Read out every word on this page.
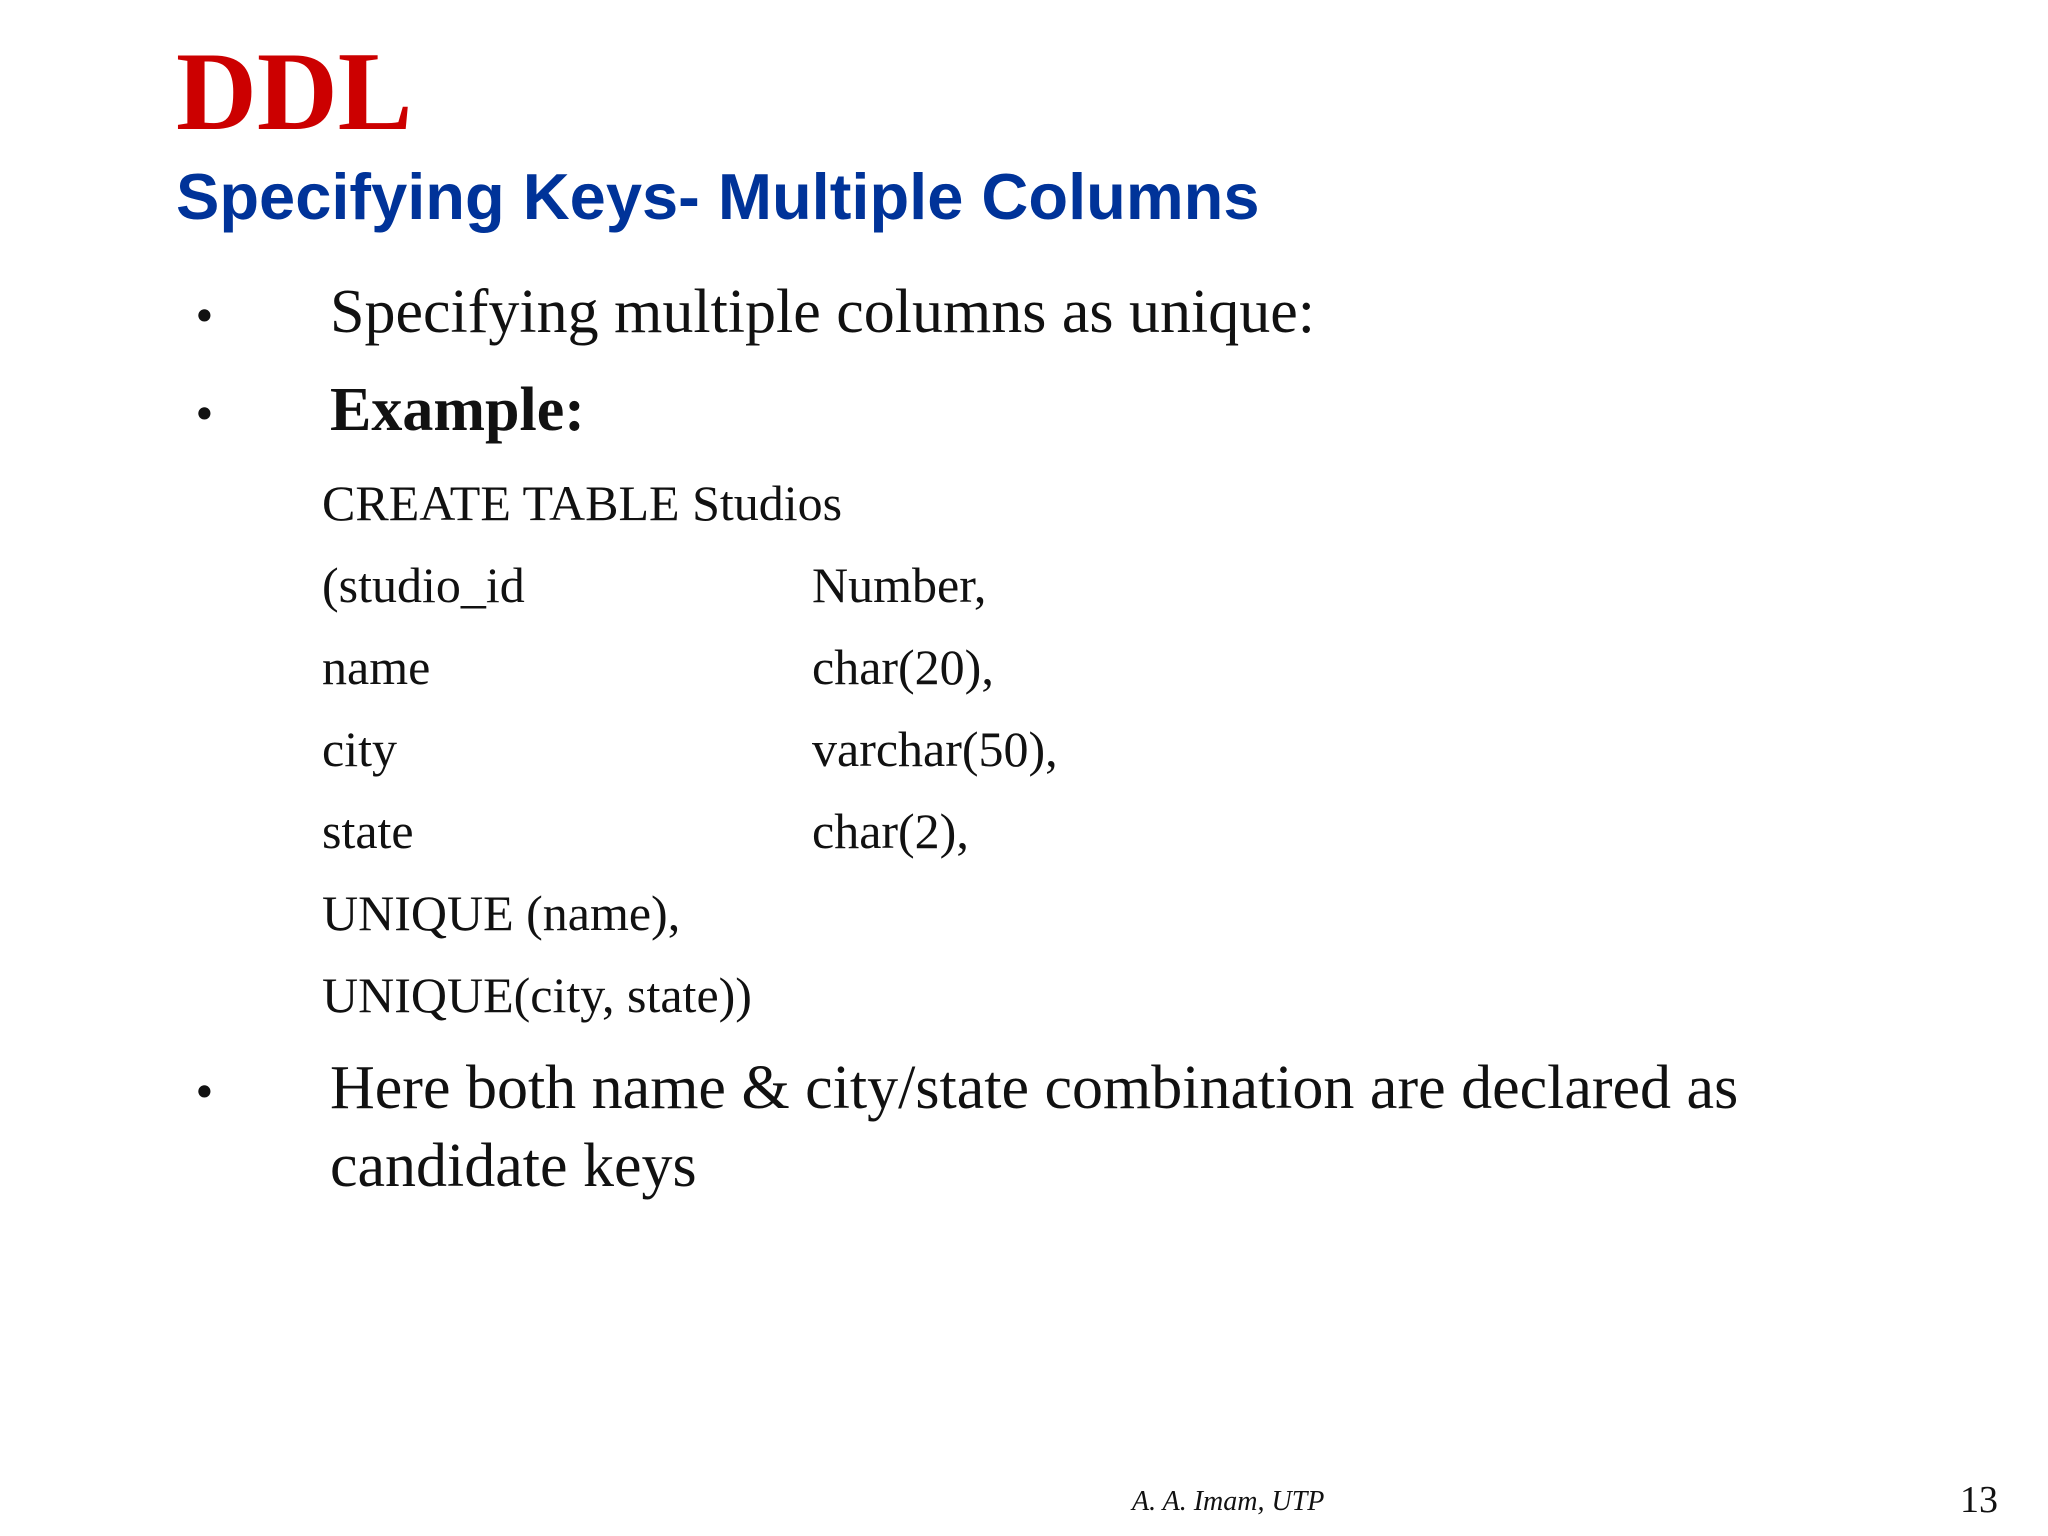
DDL
Specifying Keys- Multiple Columns
• Specifying multiple columns as unique:
• Example:
CREATE TABLE Studios
(studio_id	Number,
name	char(20),
city	varchar(50),
state	char(2),
UNIQUE (name),
UNIQUE(city, state))
• Here both name & city/state combination are declared as candidate keys
A. A. Imam, UTP	13
